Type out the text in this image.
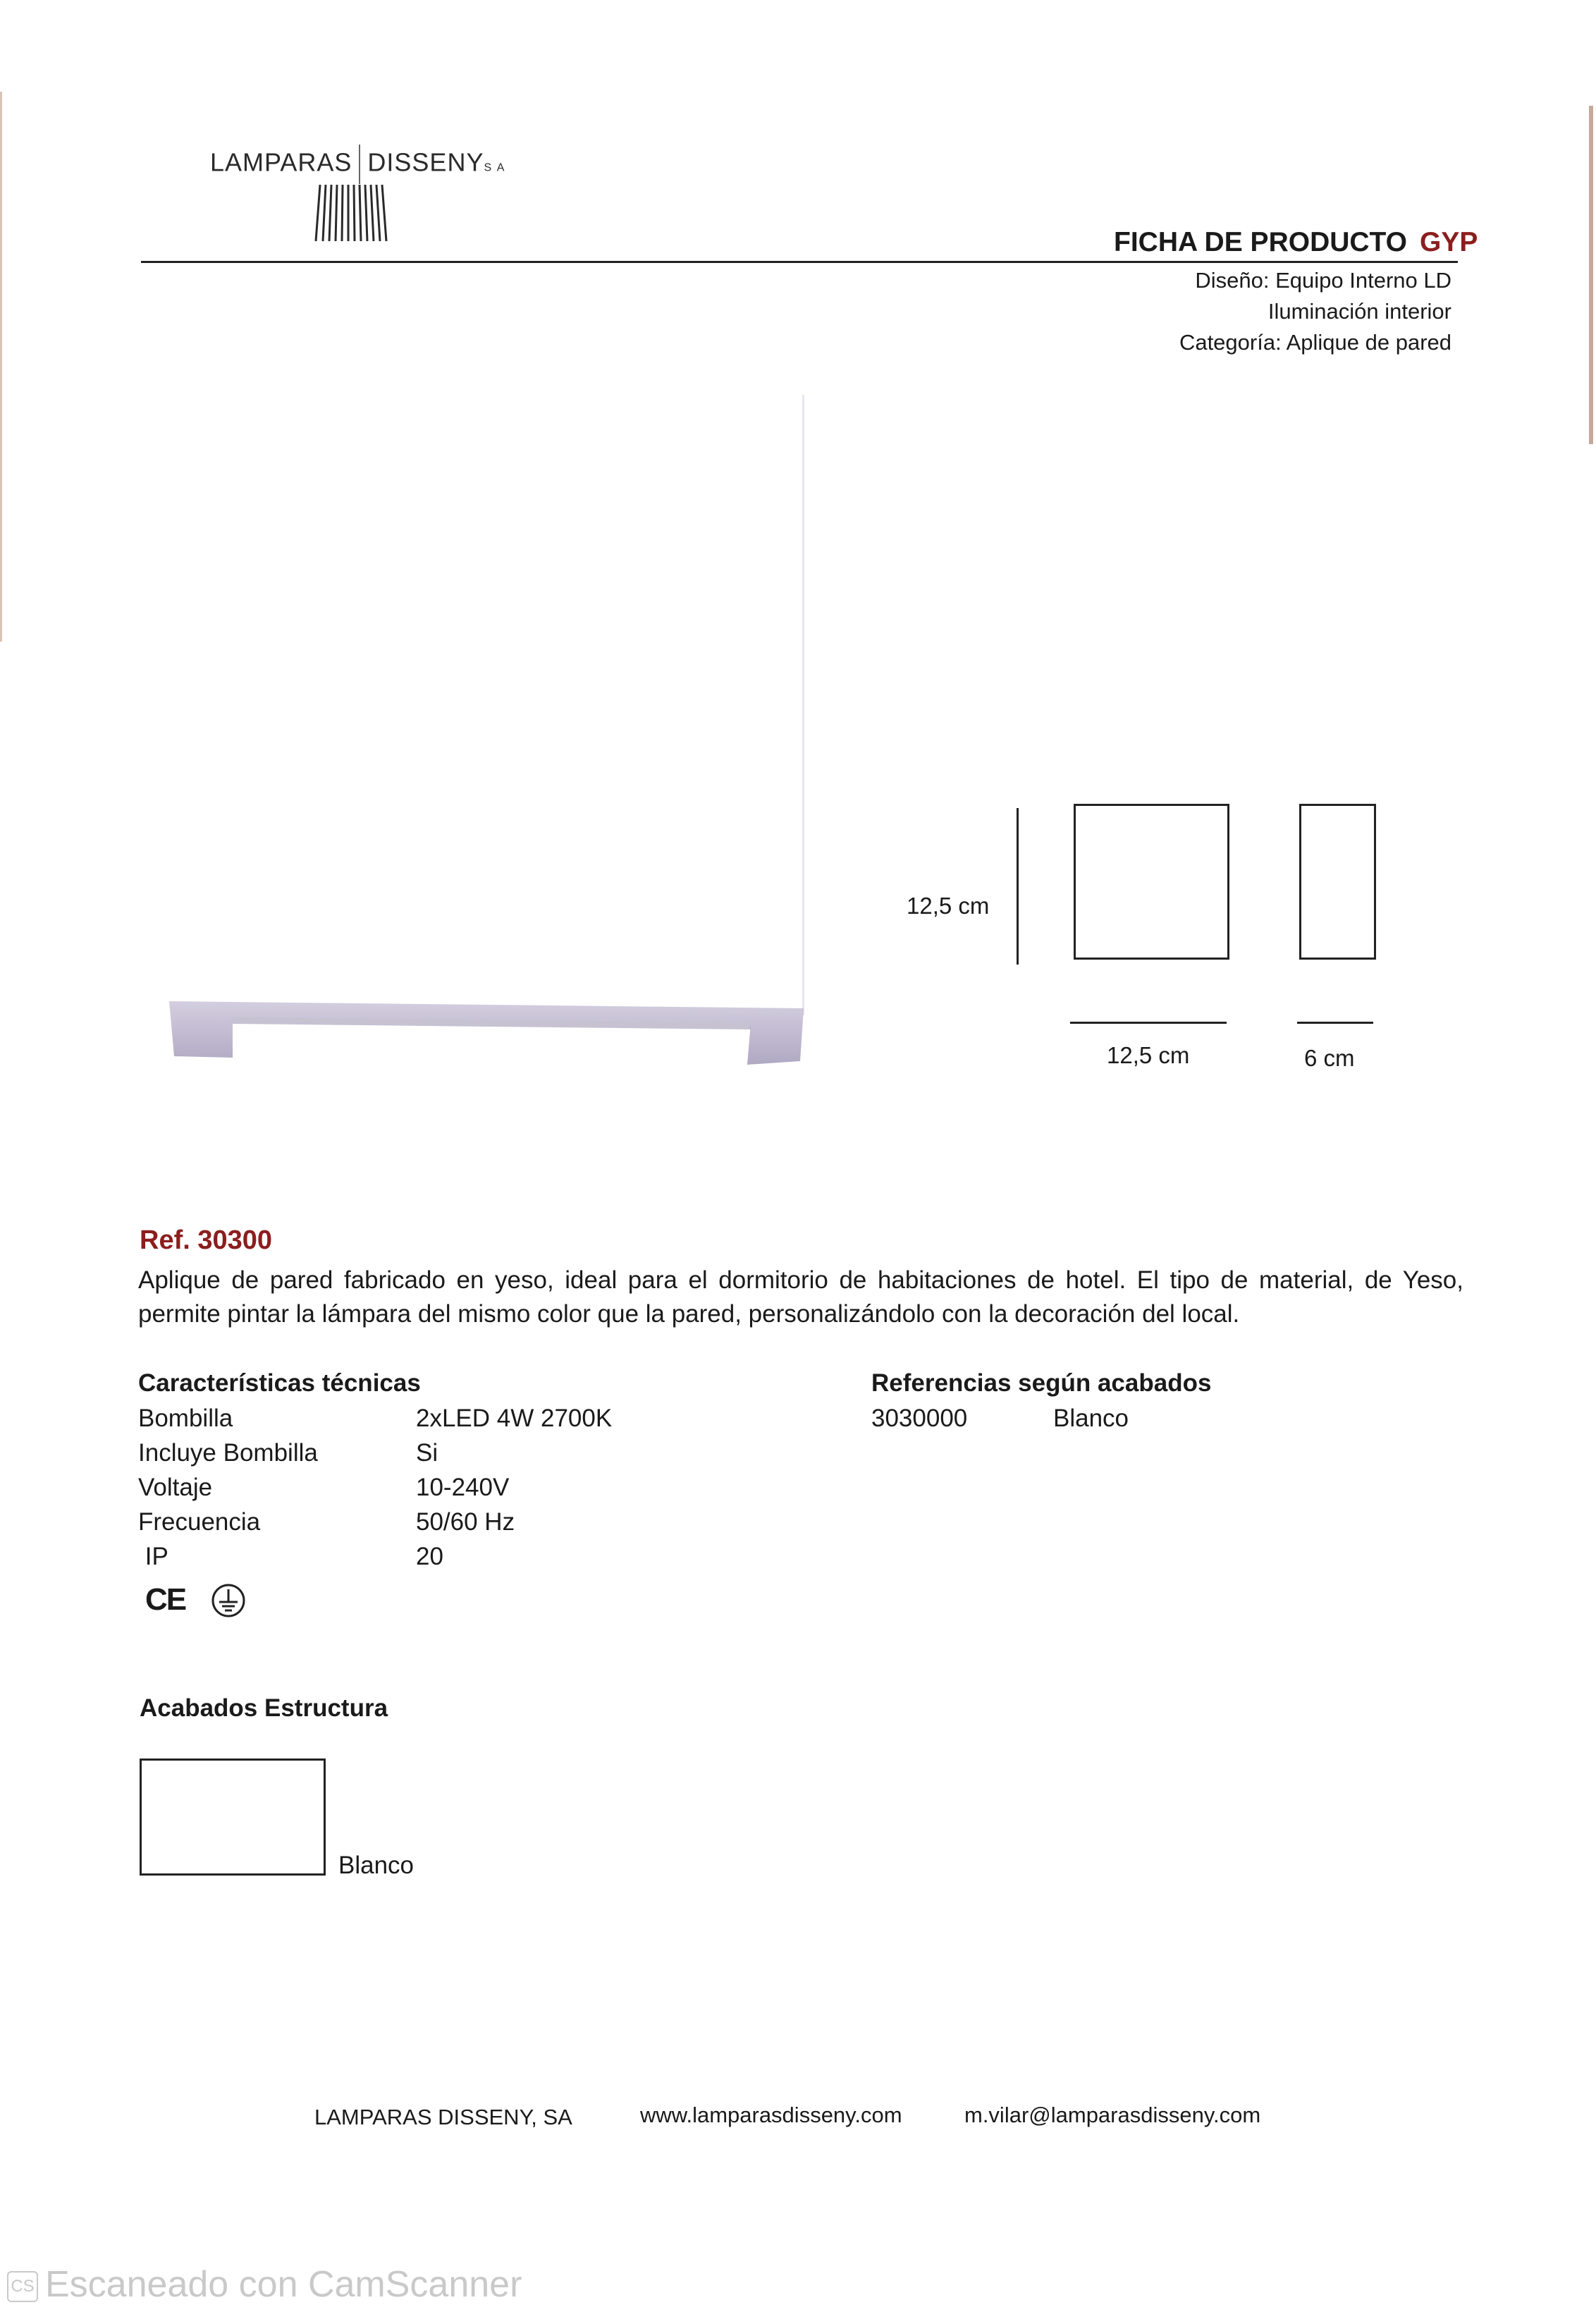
LAMPARAS DISSENYS A
FICHA DE PRODUCTO GYP
Diseño: Equipo Interno LD
Iluminación interior
Categoría: Aplique de pared
12,5 cm
12,5 cm	6 cm
Ref. 30300
Aplique de pared fabricado en yeso, ideal para el dormitorio de habitaciones de hotel. El tipo de material, de Yeso, permite pintar la lámpara del mismo color que la pared, personalizándolo con la decoración del local.
Características técnicas
Bombilla	2xLED 4W 2700K
Incluye Bombilla	Si
Voltaje	10-240V
Frecuencia	50/60 Hz
IP	20
CE
Referencias según acabados
3030000	Blanco
Acabados Estructura
Blanco
LAMPARAS DISSENY, SA	www.lamparasdisseny.com	m.vilar@lamparasdisseny.com
CS Escaneado con CamScanner
